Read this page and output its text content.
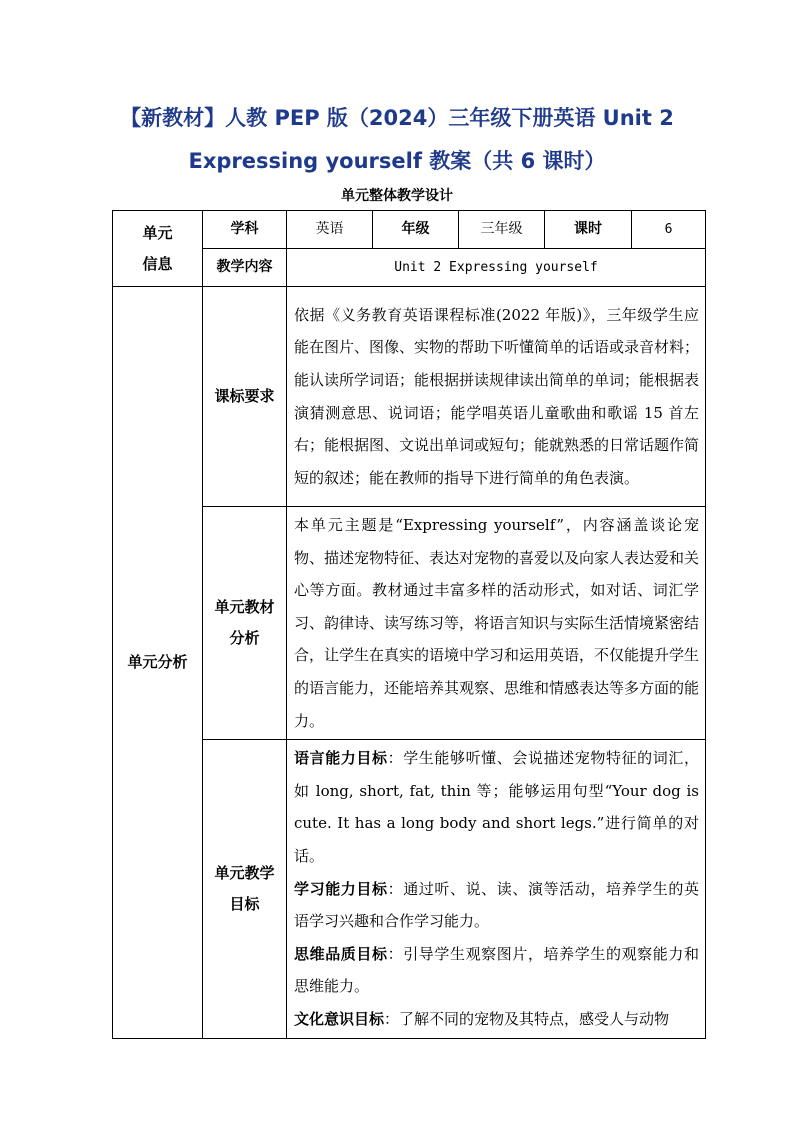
【新教材】人教 PEP 版（2024）三年级下册英语 Unit 2
Expressing yourself 教案（共 6 课时）
单元整体教学设计
单元
信息	学科	英语	年级	三年级	课时	6
	教学内容	Unit 2 Expressing yourself				
单元分析	课标要求	依据《义务教育英语课程标准(2022 年版)》，三年级学生应能在图片、图像、实物的帮助下听懂简单的话语或录音材料；能认读所学词语；能根据拼读规律读出简单的单词；能根据表演猜测意思、说词语；能学唱英语儿童歌曲和歌谣 15 首左右；能根据图、文说出单词或短句；能就熟悉的日常话题作简短的叙述；能在教师的指导下进行简单的角色表演。				

	单元教材
分析	本单元主题是“Expressing yourself”，内容涵盖谈论宠物、描述宠物特征、表达对宠物的喜爱以及向家人表达爱和关心等方面。教材通过丰富多样的活动形式，如对话、词汇学习、韵律诗、读写练习等，将语言知识与实际生活情境紧密结合，让学生在真实的语境中学习和运用英语，不仅能提升学生的语言能力，还能培养其观察、思维和情感表达等多方面的能力。				

	单元教学
目标	语言能力目标：学生能够听懂、会说描述宠物特征的词汇，如 long, short, fat, thin 等；能够运用句型“Your dog is cute. It has a long body and short legs.”进行简单的对话。
学习能力目标：通过听、说、读、演等活动，培养学生的英语学习兴趣和合作学习能力。
思维品质目标：引导学生观察图片，培养学生的观察能力和思维能力。
文化意识目标：了解不同的宠物及其特点，感受人与动物				
